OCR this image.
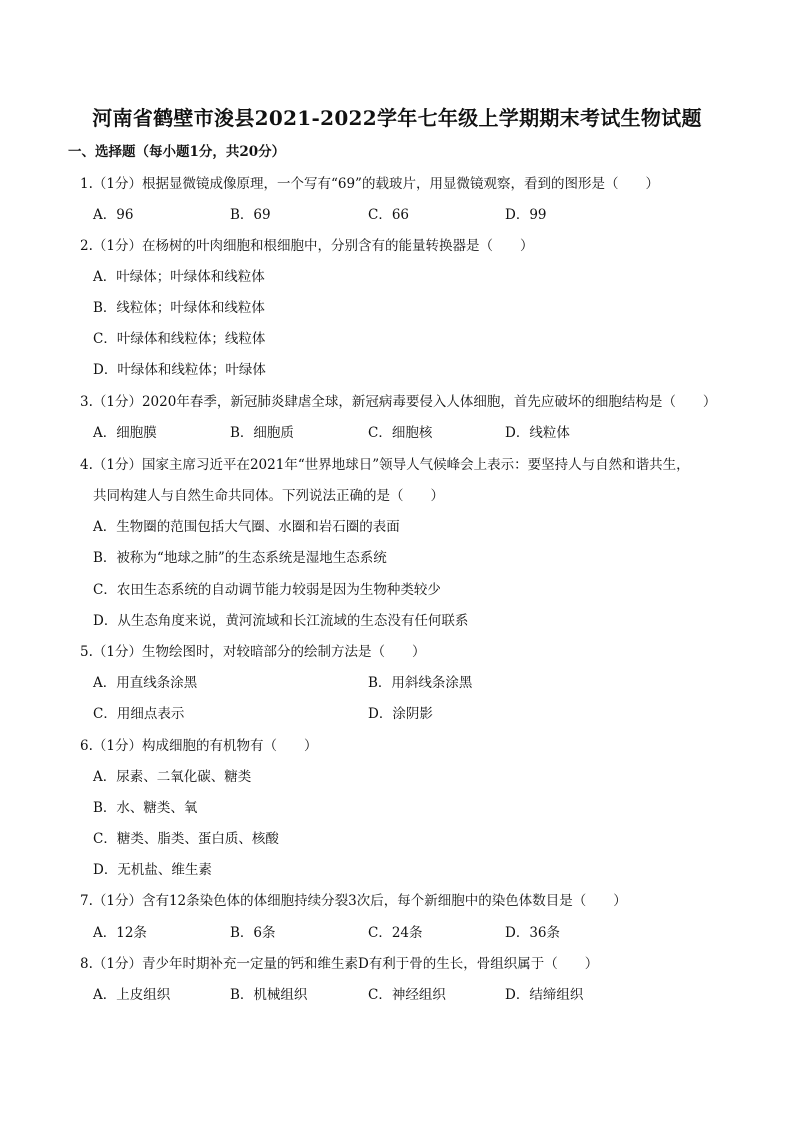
河南省鹤壁市浚县2021-2022学年七年级上学期期末考试生物试题
一、选择题（每小题1分，共20分）
1.（1分）根据显微镜成像原理，一个写有“69”的载玻片，用显微镜观察，看到的图形是（　　）
A．96	B．69	C．66	D．99
2.（1分）在杨树的叶肉细胞和根细胞中，分别含有的能量转换器是（　　）
A．叶绿体；叶绿体和线粒体
B．线粒体；叶绿体和线粒体
C．叶绿体和线粒体；线粒体
D．叶绿体和线粒体；叶绿体
3.（1分）2020年春季，新冠肺炎肆虐全球，新冠病毒要侵入人体细胞，首先应破坏的细胞结构是（　　）
A．细胞膜	B．细胞质	C．细胞核	D．线粒体
4.（1分）国家主席习近平在2021年“世界地球日”领导人气候峰会上表示：要坚持人与自然和谐共生，
共同构建人与自然生命共同体。下列说法正确的是（　　）
A．生物圈的范围包括大气圈、水圈和岩石圈的表面
B．被称为“地球之肺”的生态系统是湿地生态系统
C．农田生态系统的自动调节能力较弱是因为生物种类较少
D．从生态角度来说，黄河流域和长江流域的生态没有任何联系
5.（1分）生物绘图时，对较暗部分的绘制方法是（　　）
A．用直线条涂黑	B．用斜线条涂黑
C．用细点表示	D．涂阴影
6.（1分）构成细胞的有机物有（　　）
A．尿素、二氧化碳、糖类
B．水、糖类、氧
C．糖类、脂类、蛋白质、核酸
D．无机盐、维生素
7.（1分）含有12条染色体的体细胞持续分裂3次后，每个新细胞中的染色体数目是（　　）
A．12条	B．6条	C．24条	D．36条
8.（1分）青少年时期补充一定量的钙和维生素D有利于骨的生长，骨组织属于（　　）
A．上皮组织	B．机械组织	C．神经组织	D．结缔组织
